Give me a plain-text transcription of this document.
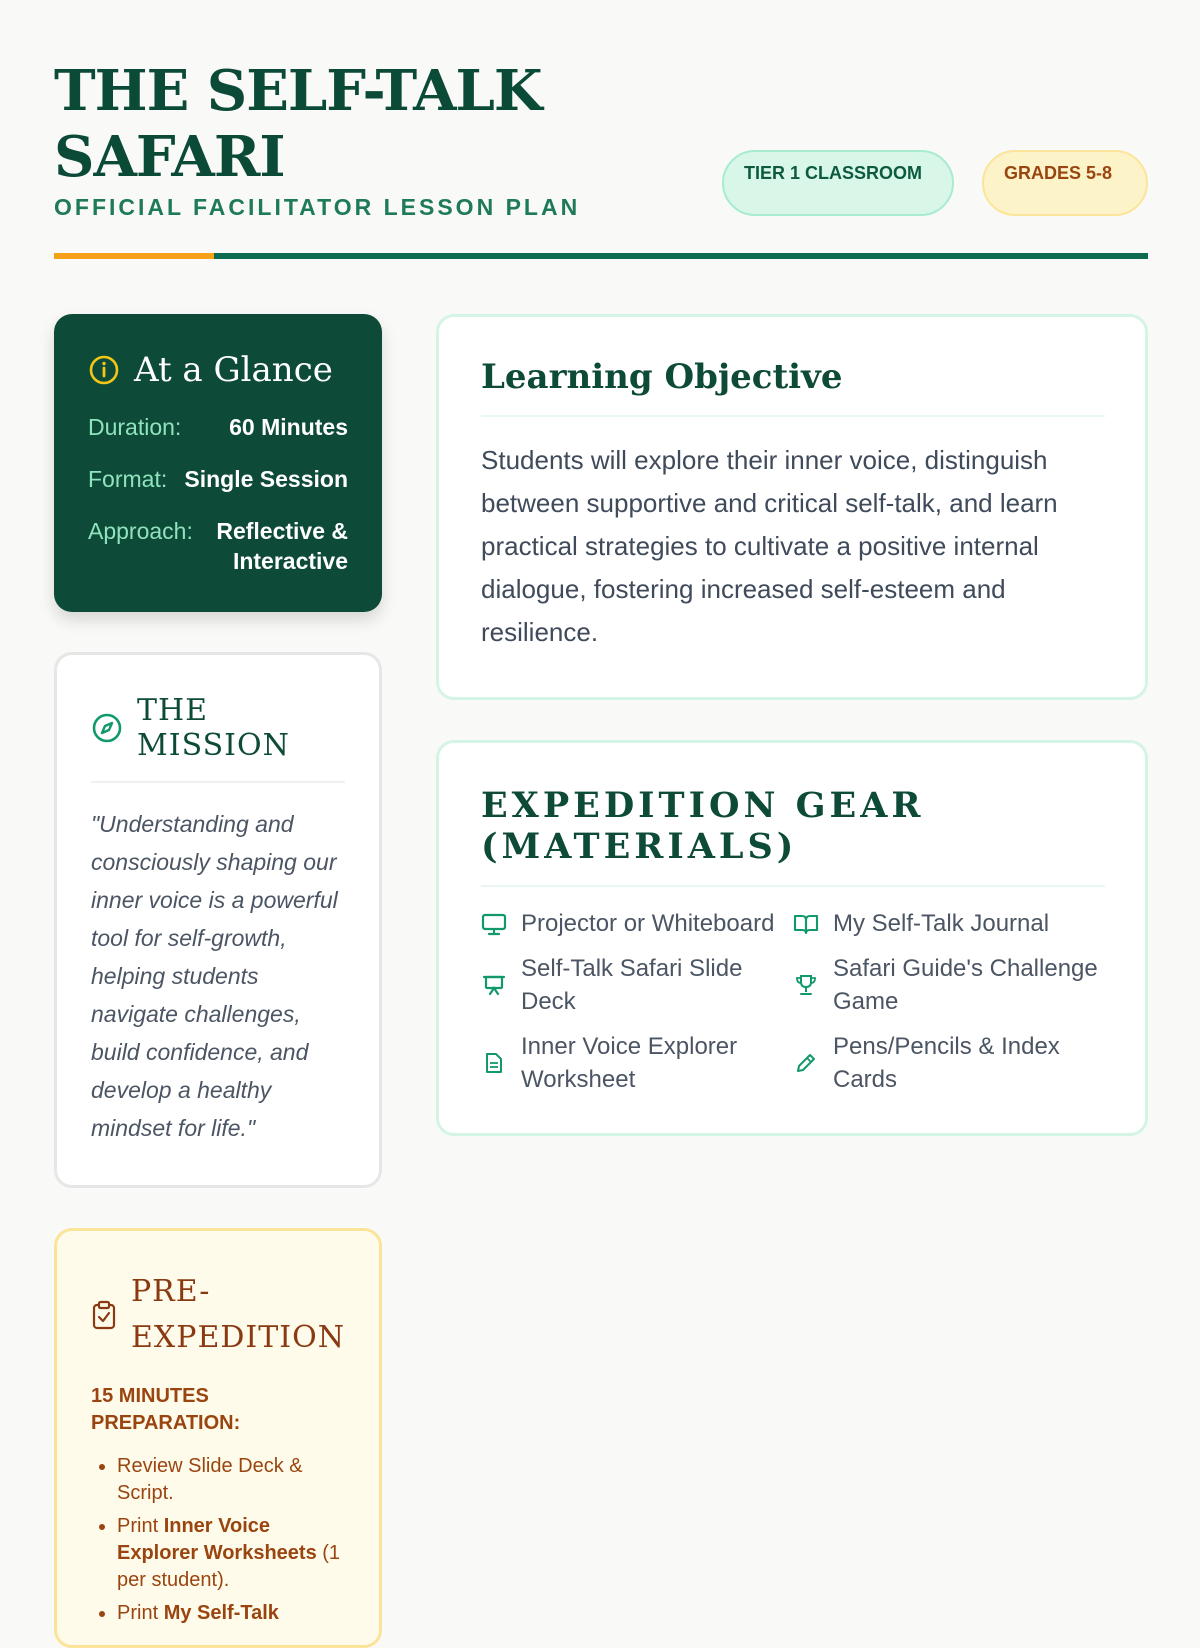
THE SELF-TALK SAFARI

OFFICIAL FACILITATOR LESSON PLAN

TIER 1 CLASSROOM	GRADES 5-8
At a Glance
Duration: 60 Minutes
Format: Single Session
Approach:	Reflective & Interactive
THE MISSION

"Understanding and consciously shaping our inner voice is a powerful tool for self-growth, helping students navigate challenges, build confidence, and develop a healthy mindset for life."

PRE-EXPEDITION
15 MINUTES PREPARATION:
• Review Slide Deck & Script.
• Print Inner Voice Explorer Worksheets (1 per student).
• Print My Self-Talk
Learning Objective

Students will explore their inner voice, distinguish between supportive and critical self-talk, and learn practical strategies to cultivate a positive internal dialogue, fostering increased self-esteem and resilience.

EXPEDITION GEAR (MATERIALS)
Projector or Whiteboard
Self-Talk Safari Slide Deck
Inner Voice Explorer Worksheet
My Self-Talk Journal
Safari Guide's Challenge Game
Pens/Pencils & Index Cards
